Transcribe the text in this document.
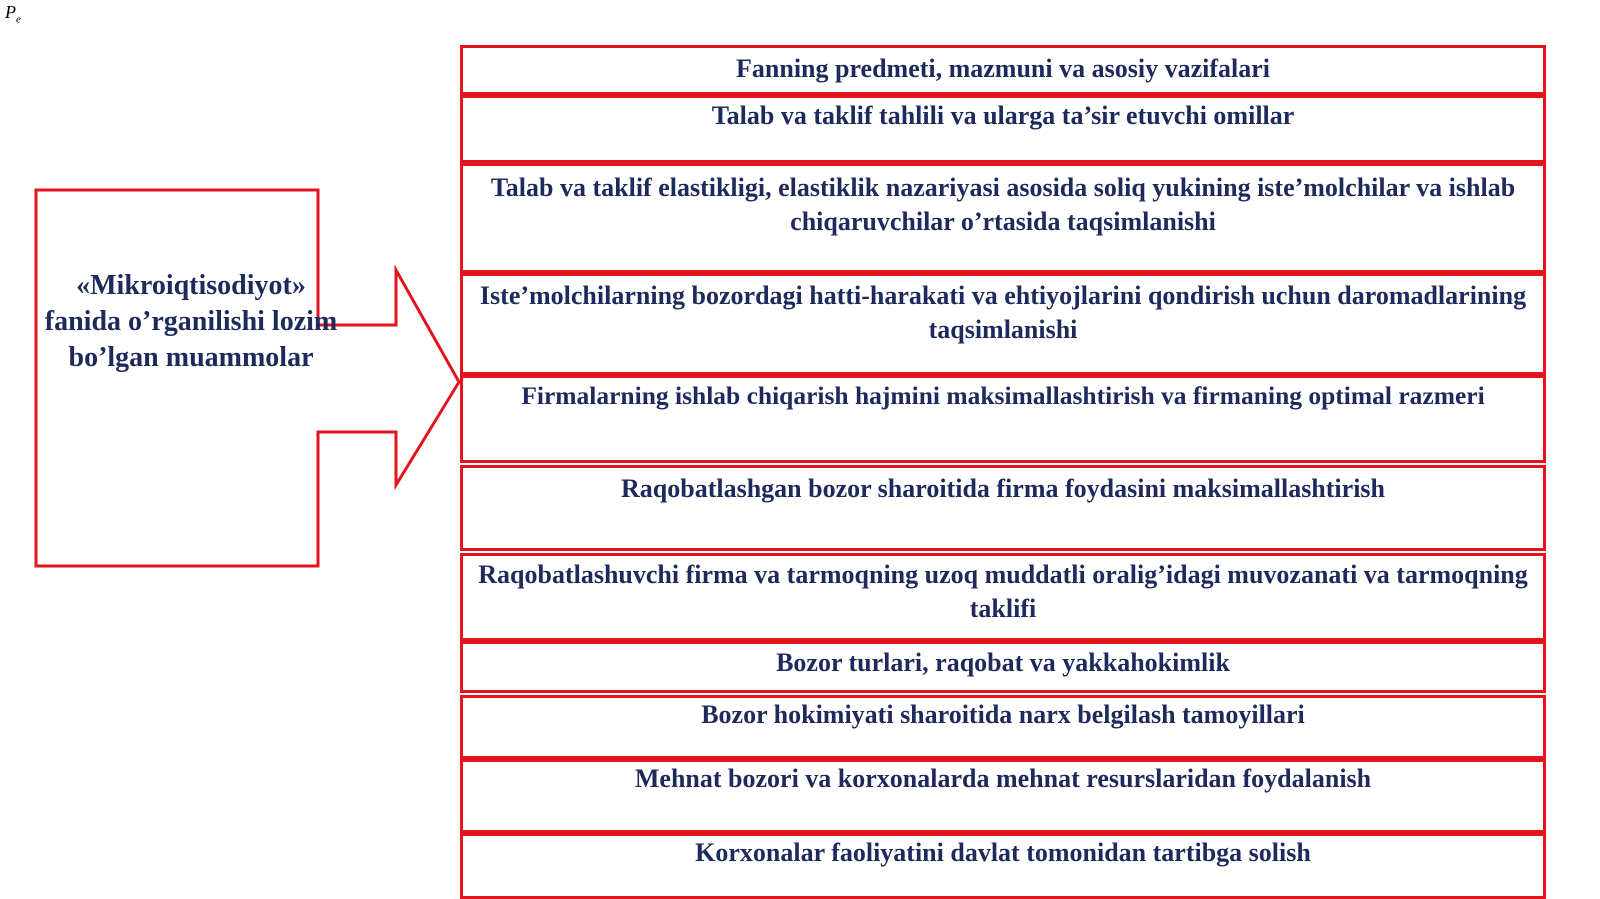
$P_e$
«Mikroiqtisodiyot» fanida o’rganilishi lozim bo’lgan muammolar
Fanning predmeti, mazmuni va asosiy vazifalari
Talab va taklif tahlili va ularga ta’sir etuvchi omillar
Talab va taklif elastikligi, elastiklik nazariyasi asosida soliq yukining iste’molchilar va ishlab chiqaruvchilar o’rtasida taqsimlanishi
Iste’molchilarning bozordagi hatti-harakati va ehtiyojlarini qondirish uchun daromadlarining taqsimlanishi
Firmalarning ishlab chiqarish hajmini maksimallashtirish va firmaning optimal razmeri
Raqobatlashgan bozor sharoitida firma foydasini maksimallashtirish
Raqobatlashuvchi firma va tarmoqning uzoq muddatli oralig’idagi muvozanati va tarmoqning taklifi
Bozor turlari, raqobat va yakkahokimlik
Bozor hokimiyati sharoitida narx belgilash tamoyillari
Mehnat bozori va korxonalarda mehnat resurslaridan foydalanish
Korxonalar faoliyatini davlat tomonidan tartibga solish
